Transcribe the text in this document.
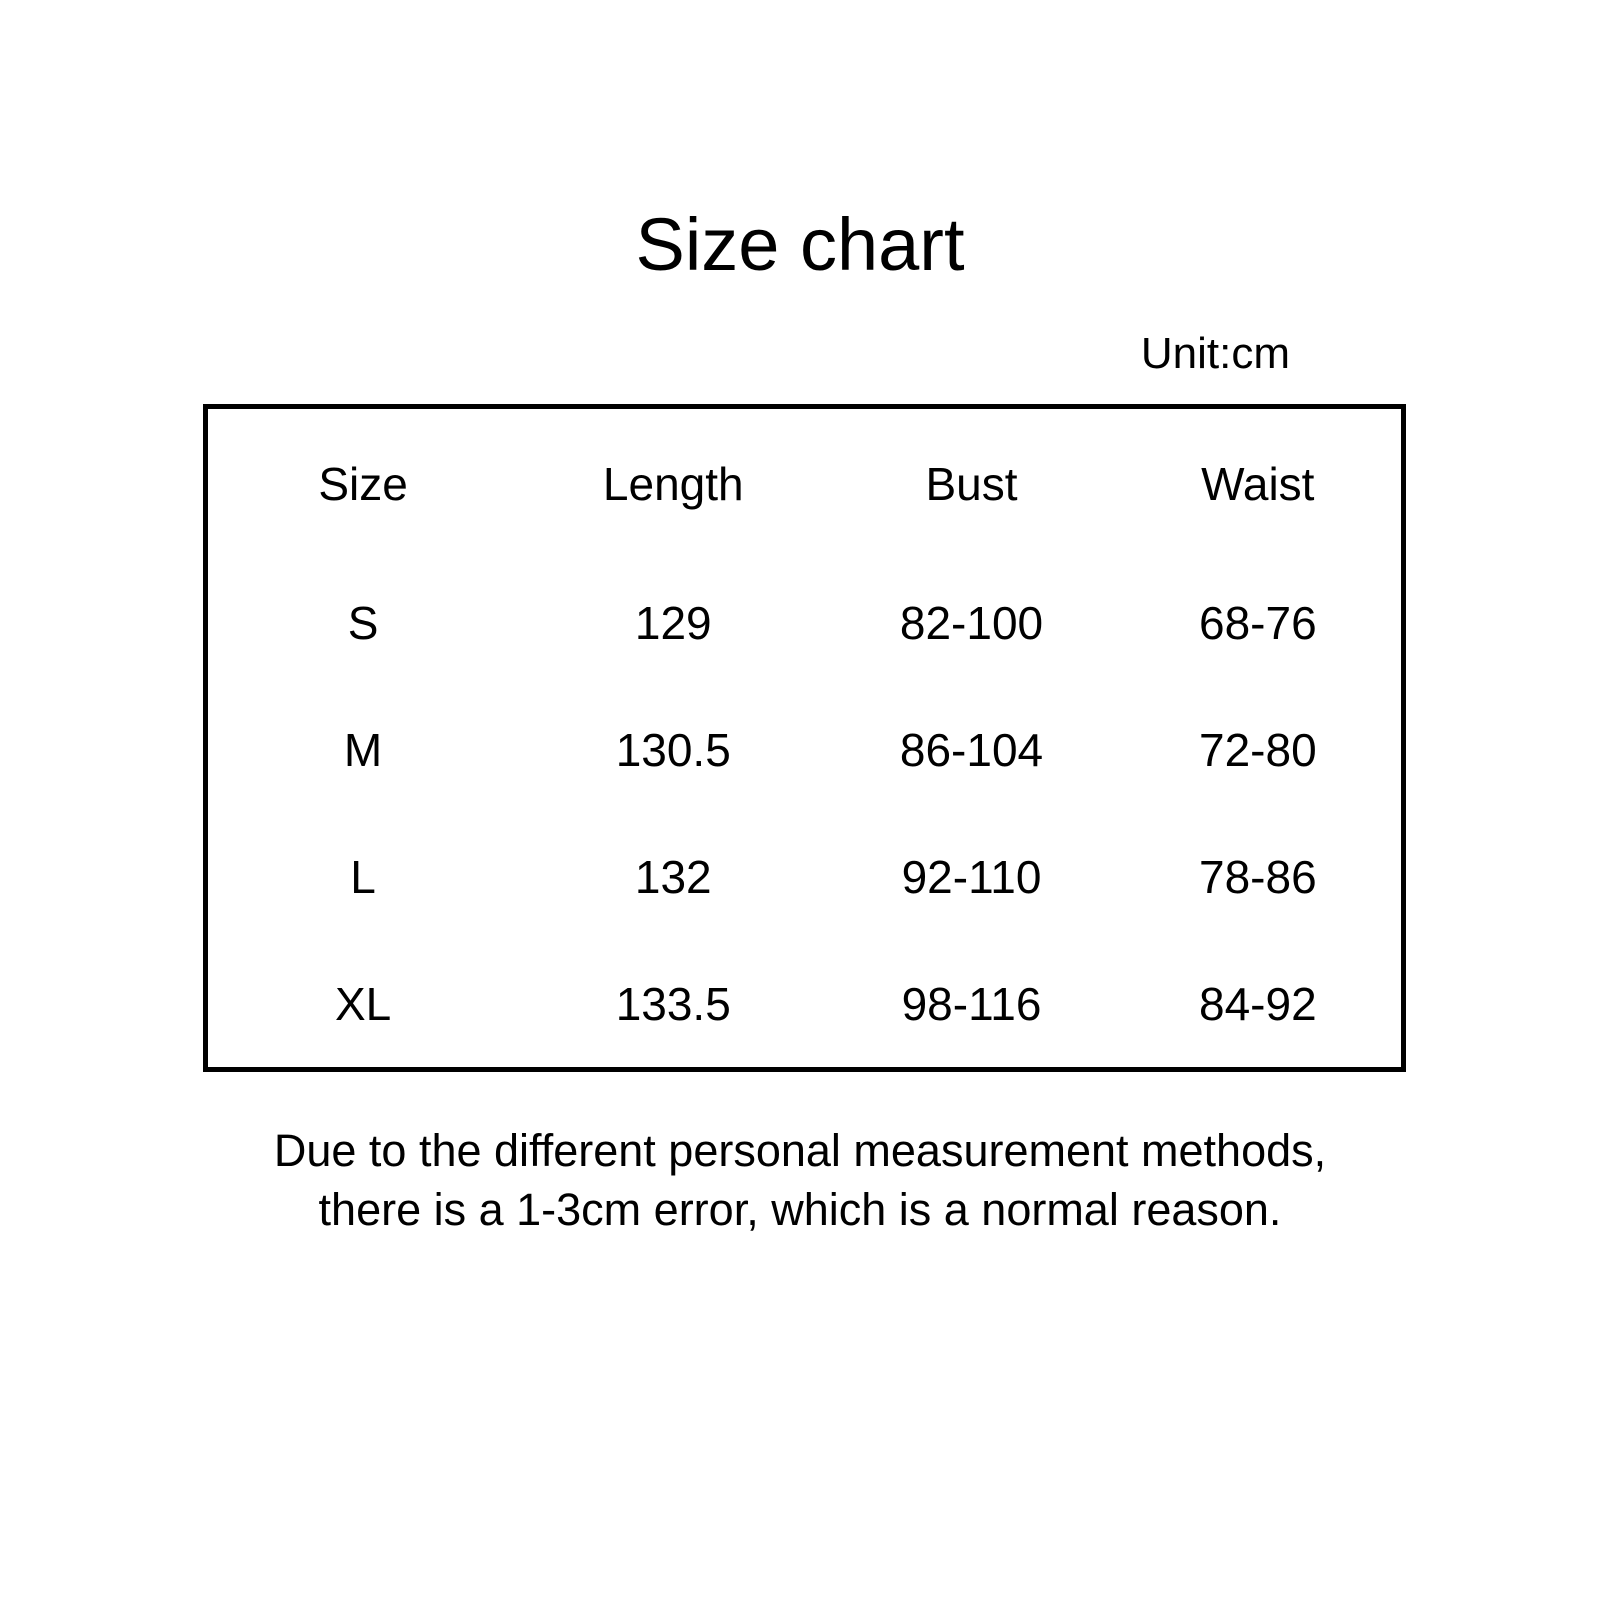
Size chart
Unit:cm
Size	Length	Bust	Waist
S	129	82-100	68-76
M	130.5	86-104	72-80
L	132	92-110	78-86
XL	133.5	98-116	84-92
Due to the different personal measurement methods,
there is a 1-3cm error, which is a normal reason.
